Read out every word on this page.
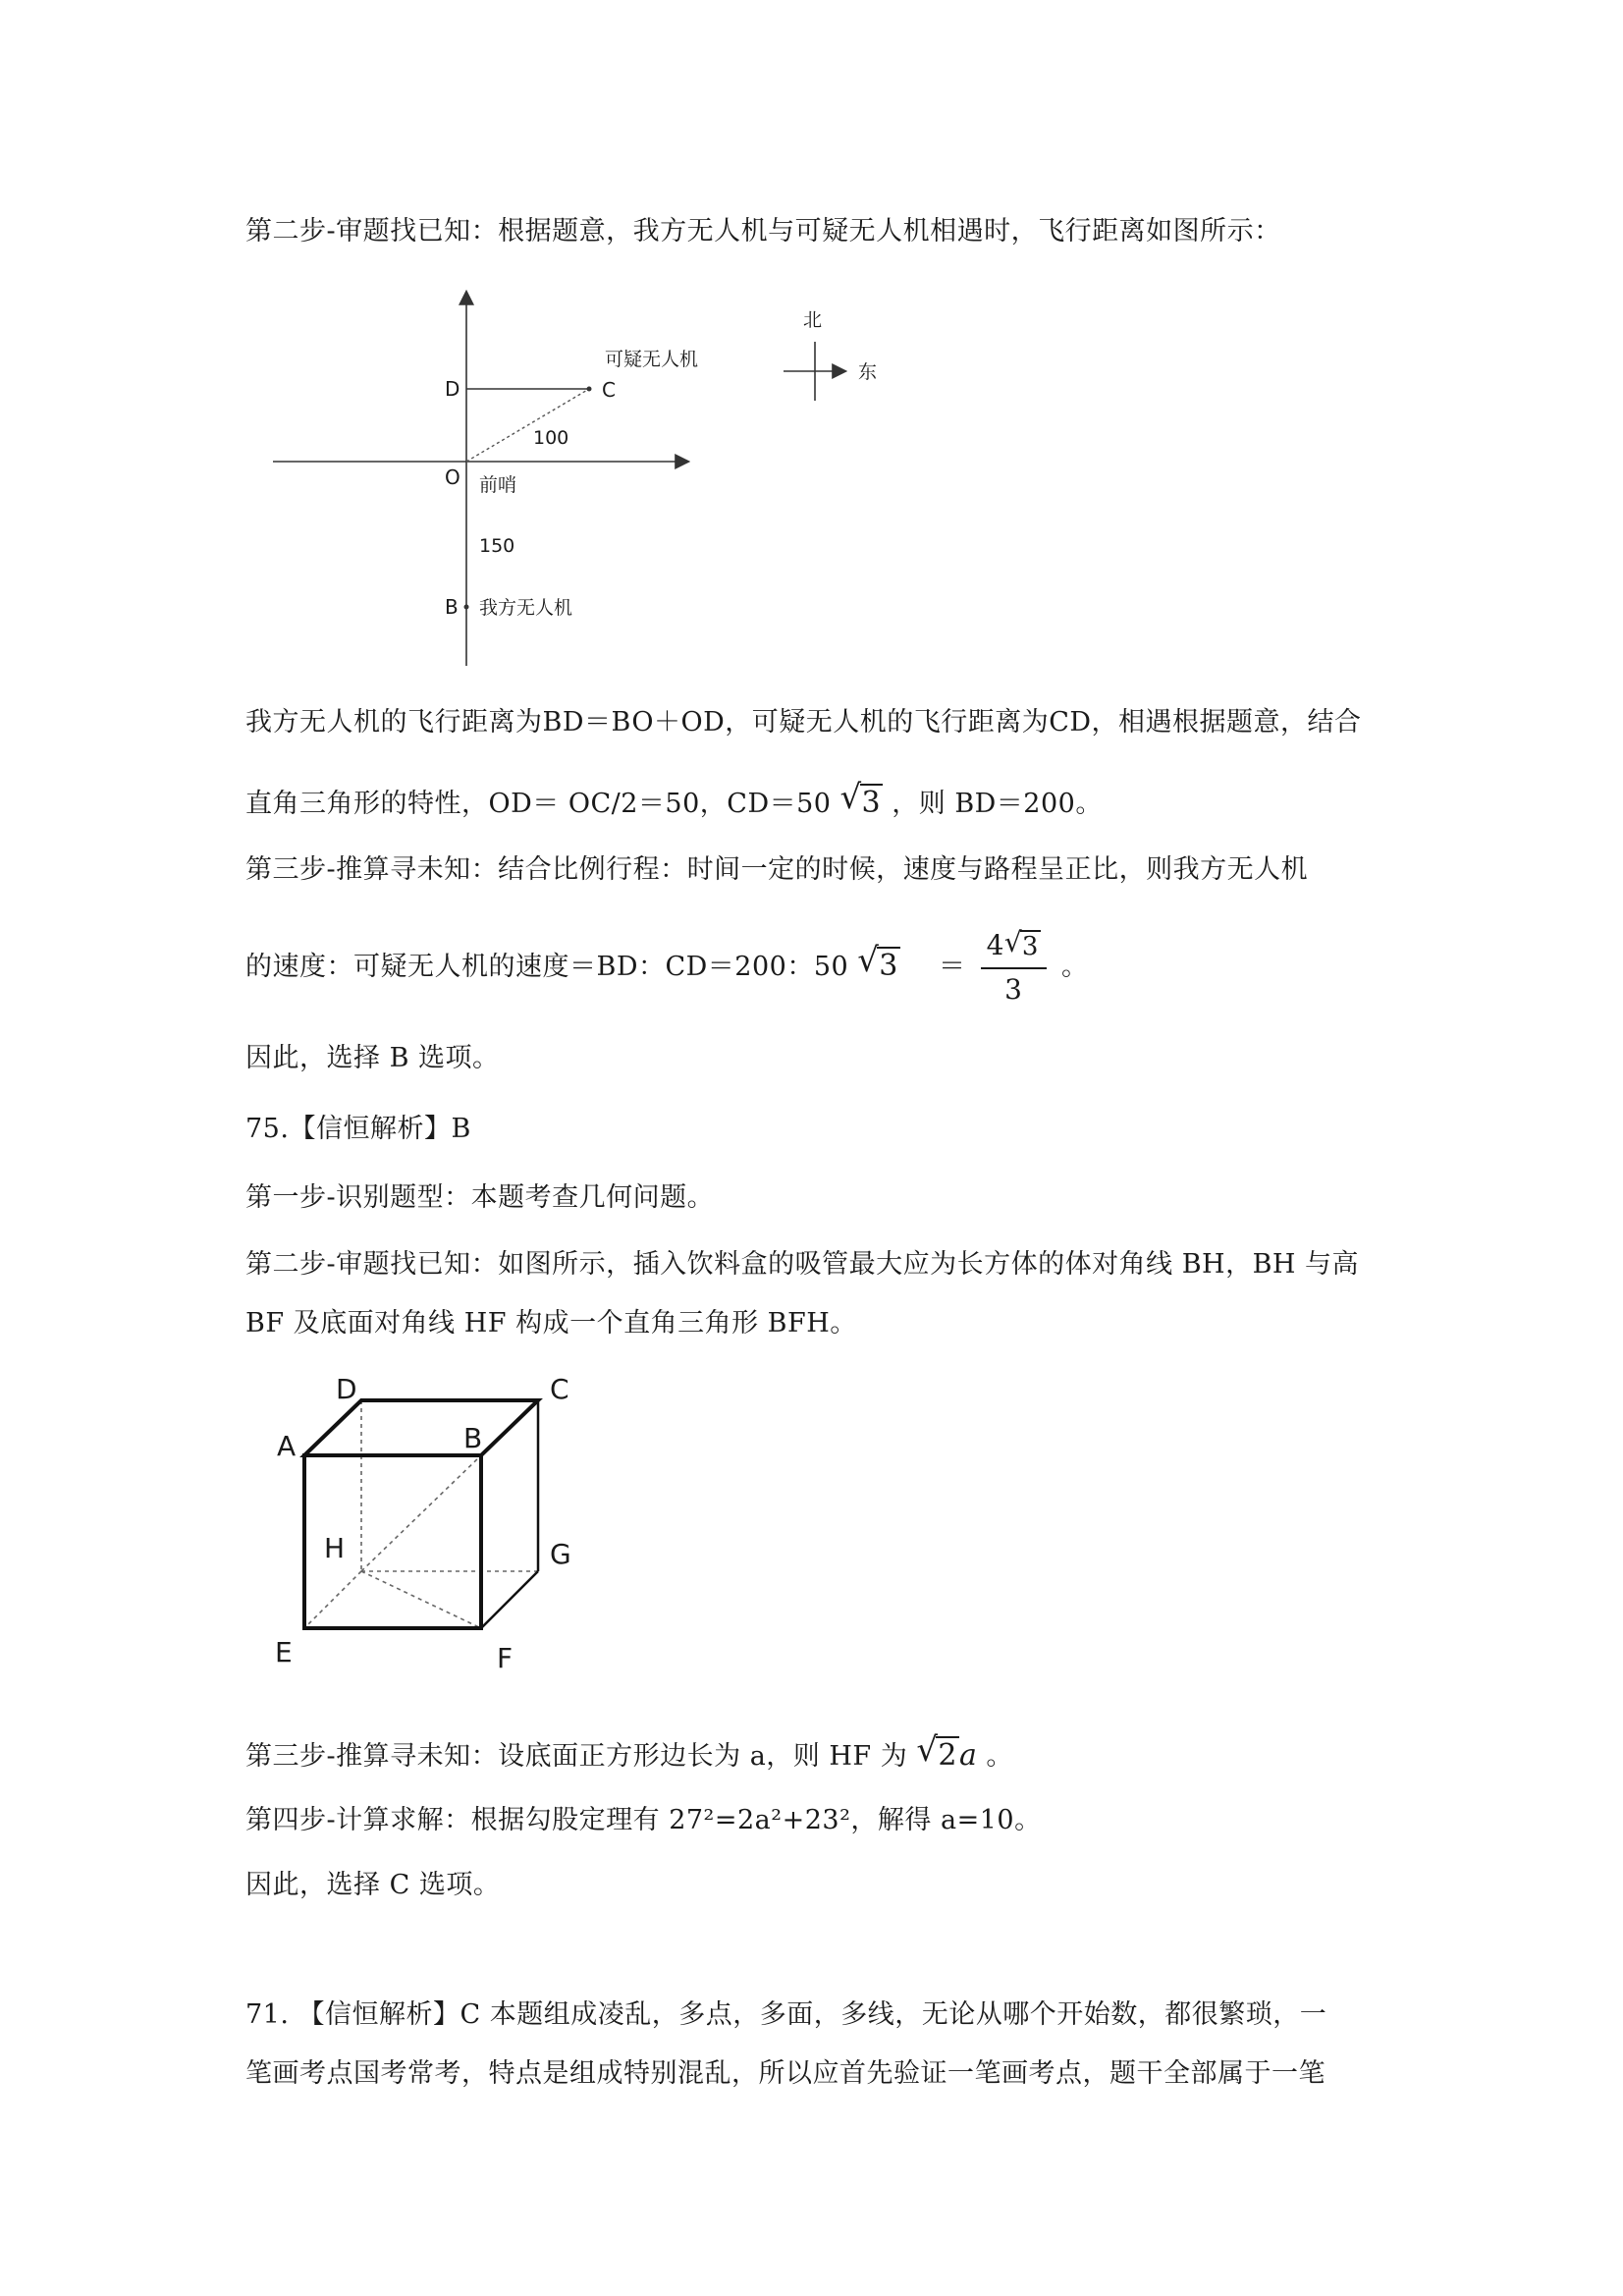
第二步-审题找已知：根据题意，我方无人机与可疑无人机相遇时，飞行距离如图所示：
D	C
可疑无人机
100
O 前哨
150
B 我方无人机
北
东
我方无人机的飞行距离为BD＝BO＋OD，可疑无人机的飞行距离为CD，相遇根据题意，结合
直角三角形的特性，OD＝ OC/2＝50，CD＝50 √ 3 ，则 BD＝200。
第三步-推算寻未知：结合比例行程：时间一定的时候，速度与路程呈正比，则我方无人机
的速度：可疑无人机的速度＝BD：CD＝200：50 √ $3 = \frac{4 √ 3}{3}$ 。
因此，选择 B 选项。
75.【信恒解析】B
第一步-识别题型：本题考查几何问题。
第二步-审题找已知：如图所示，插入饮料盒的吸管最大应为长方体的体对角线 BH，BH 与高
BF 及底面对角线 HF 构成一个直角三角形 BFH。
D	C
A	B
H	G
E	F
第三步-推算寻未知：设底面正方形边长为 a，则 HF 为 √ 2a 。
第四步-计算求解：根据勾股定理有 27²=2a²+23²，解得 a=10。
因此，选择 C 选项。
71. 【信恒解析】C 本题组成凌乱，多点，多面，多线，无论从哪个开始数，都很繁琐，一
笔画考点国考常考，特点是组成特别混乱，所以应首先验证一笔画考点，题干全部属于一笔
